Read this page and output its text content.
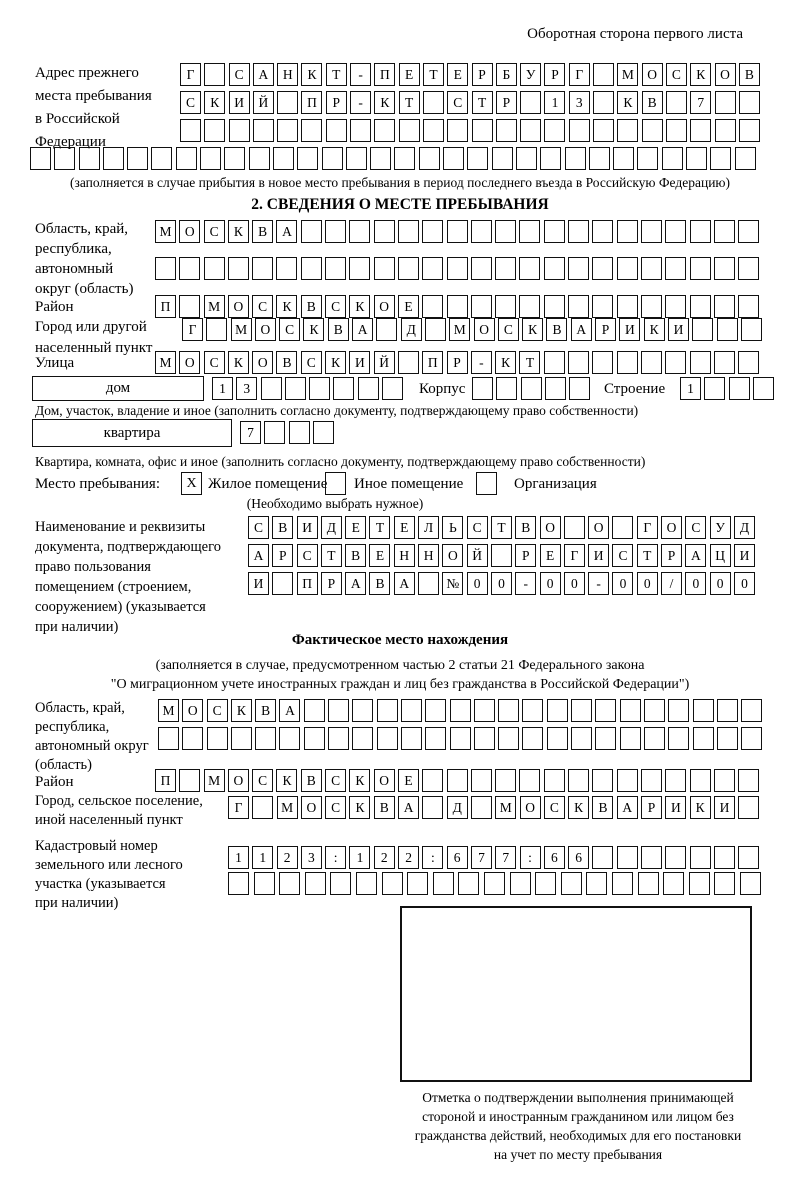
Оборотная сторона первого листа
Адрес прежнего
места пребывания
в Российской
Федерации
Г	С	А	Н	К	Т	-	П	Е	Т	Е	Р	Б	У	Р	Г	М О	С	К	О	В
С	К	И	Й	П	Р	-	К	Т	С	Т	Р	1	3	К	В	7
(заполняется в случае прибытия в новое место пребывания в период последнего въезда в Российскую Федерацию)
2. СВЕДЕНИЯ О МЕСТЕ ПРЕБЫВАНИЯ
Область, край,
республика,
автономный
округ (область)
М О	С	К	В	А
Район	П	М О	С	К	В	С	К	О	Е
Город или другой
населенный пункт
Г	М О	С	К	В	А	Д	М О	С	К	В	А	Р	И	К	И
Улица	М О	С	К	О	В	С	К	И	Й	П	Р	-	К	Т
дом	1	3	Корпус	Строение	1
Дом, участок, владение и иное (заполнить согласно документу, подтверждающему право собственности)
квартира	7
Квартира, комната, офис и иное (заполнить согласно документу, подтверждающему право собственности)
Место пребывания:	X Жилое помещение Иное помещение	Организация
(Необходимо выбрать нужное)
Наименование и реквизиты
документа, подтверждающего
право пользования
помещением (строением,
сооружением) (указывается
при наличии)
С	В	И	Д	Е	Т	Е	Л	Ь	С	Т	В	О	О	Г	О	С	У	Д
А	Р	С	Т	В	Е	Н	Н	О	Й	Р	Е	Г	И	С	Т	Р	А	Ц	И
И	П	Р	А	В	А	№	0	0	-	0	0	-	0	0	/	0	0	0
Фактическое место нахождения
(заполняется в случае, предусмотренном частью 2 статьи 21 Федерального закона
"О миграционном учете иностранных граждан и лиц без гражданства в Российской Федерации")
Область, край,
республика,
автономный округ
(область)
М О	С	К	В	А
Район	П	М О	С	К	В	С	К	О	Е
Город, сельское поселение,
иной населенный пункт
Г	М О	С	К	В	А	Д	М О	С	К	В	А	Р	И	К	И
Кадастровый номер
земельного или лесного
участка (указывается
при наличии)
1	1	2	3	:	1	2	2	:	6	7	7	:	6	6
Отметка о подтверждении выполнения принимающей
стороной и иностранным гражданином или лицом без
гражданства действий, необходимых для его постановки
на учет по месту пребывания
